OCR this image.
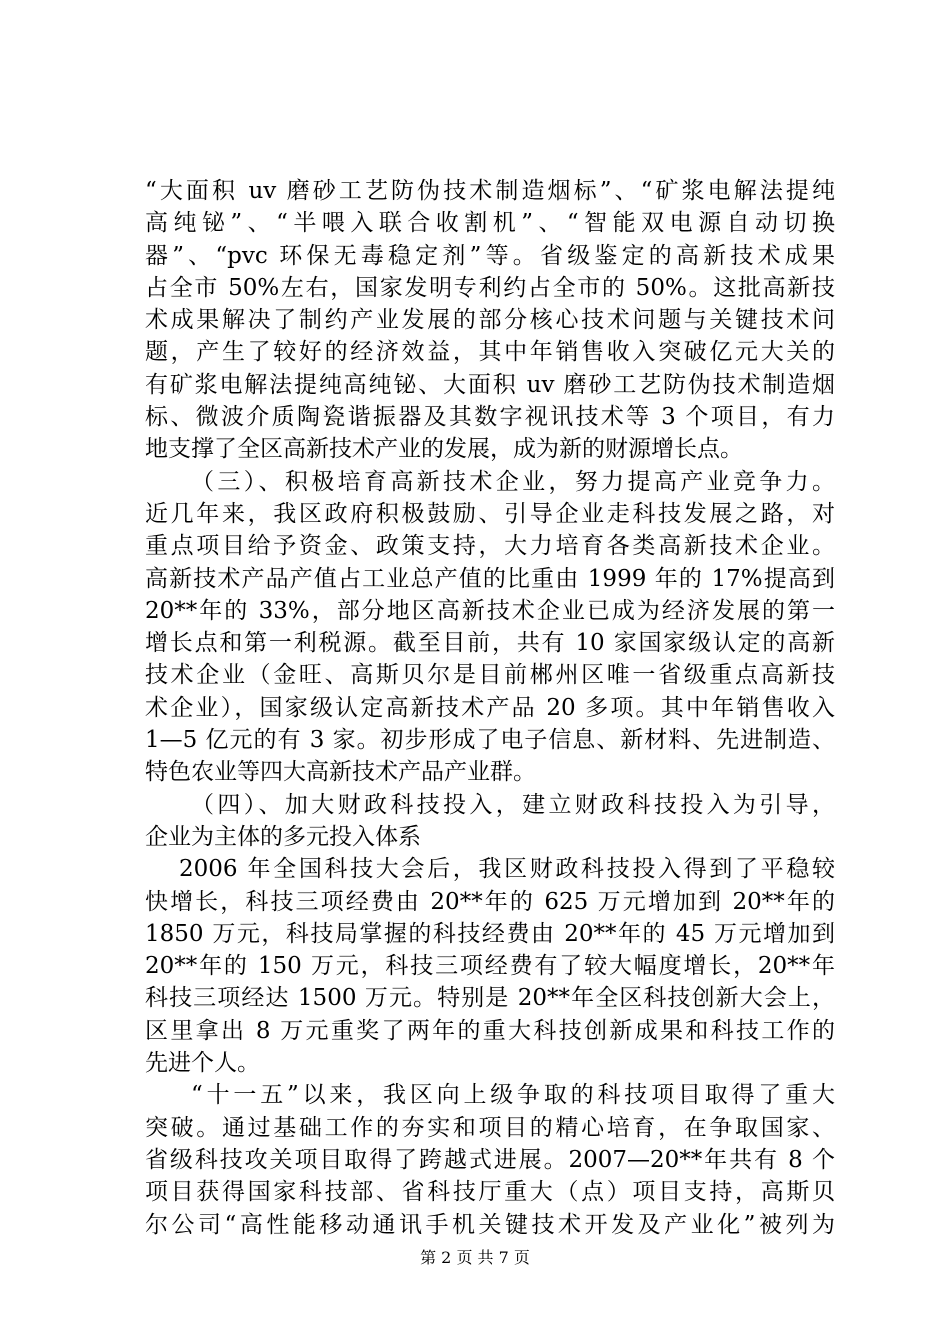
“大面积 uv 磨砂工艺防伪技术制造烟标”、“矿浆电解法提纯
高纯铋”、“半喂入联合收割机”、“智能双电源自动切换
器”、“pvc 环保无毒稳定剂”等。省级鉴定的高新技术成果
占全市 50%左右，国家发明专利约占全市的 50%。这批高新技
术成果解决了制约产业发展的部分核心技术问题与关键技术问
题，产生了较好的经济效益，其中年销售收入突破亿元大关的
有矿浆电解法提纯高纯铋、大面积 uv 磨砂工艺防伪技术制造烟
标、微波介质陶瓷谐振器及其数字视讯技术等 3 个项目，有力
地支撑了全区高新技术产业的发展，成为新的财源增长点。
（三）、积极培育高新技术企业，努力提高产业竞争力。
近几年来，我区政府积极鼓励、引导企业走科技发展之路，对
重点项目给予资金、政策支持，大力培育各类高新技术企业。
高新技术产品产值占工业总产值的比重由 1999 年的 17%提高到
20**年的 33%，部分地区高新技术企业已成为经济发展的第一
增长点和第一利税源。截至目前，共有 10 家国家级认定的高新
技术企业（金旺、高斯贝尔是目前郴州区唯一省级重点高新技
术企业），国家级认定高新技术产品 20 多项。其中年销售收入
1—5 亿元的有 3 家。初步形成了电子信息、新材料、先进制造、
特色农业等四大高新技术产品产业群。
（四）、加大财政科技投入，建立财政科技投入为引导，
企业为主体的多元投入体系
2006 年全国科技大会后，我区财政科技投入得到了平稳较
快增长，科技三项经费由 20**年的 625 万元增加到 20**年的
1850 万元，科技局掌握的科技经费由 20**年的 45 万元增加到
20**年的 150 万元，科技三项经费有了较大幅度增长，20**年
科技三项经达 1500 万元。特别是 20**年全区科技创新大会上，
区里拿出 8 万元重奖了两年的重大科技创新成果和科技工作的
先进个人。
“十一五”以来，我区向上级争取的科技项目取得了重大
突破。通过基础工作的夯实和项目的精心培育，在争取国家、
省级科技攻关项目取得了跨越式进展。2007—20**年共有 8 个
项目获得国家科技部、省科技厅重大（点）项目支持，高斯贝
尔公司“高性能移动通讯手机关键技术开发及产业化”被列为
第 2 页 共 7 页
